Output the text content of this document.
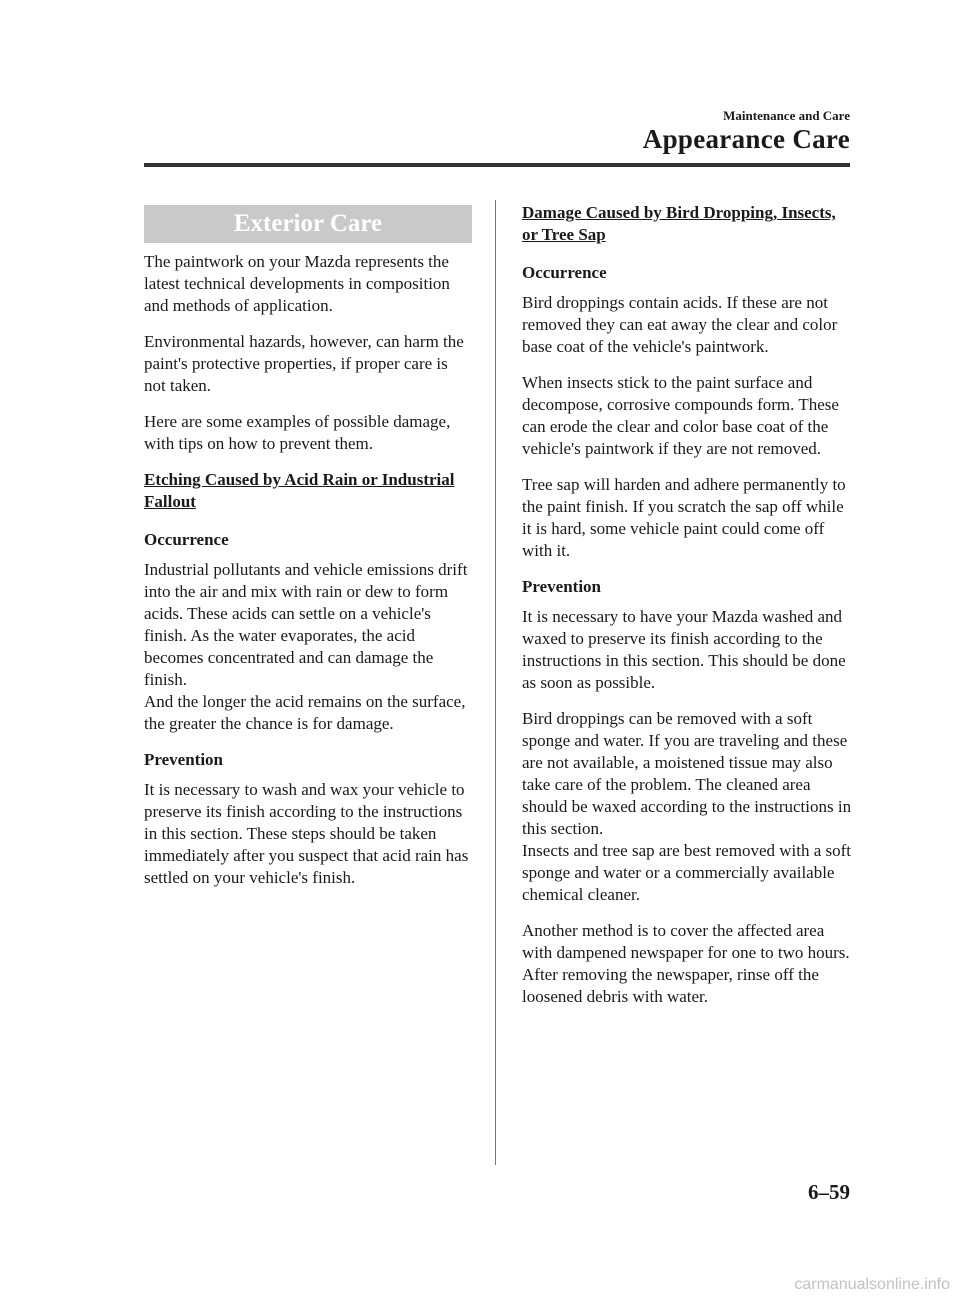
Maintenance and Care
Appearance Care
Exterior Care

The paintwork on your Mazda represents the latest technical developments in composition and methods of application.

Environmental hazards, however, can harm the paint's protective properties, if proper care is not taken.

Here are some examples of possible damage, with tips on how to prevent them.

Etching Caused by Acid Rain or Industrial Fallout
Occurrence

Industrial pollutants and vehicle emissions drift into the air and mix with rain or dew to form acids. These acids can settle on a vehicle's finish. As the water evaporates, the acid becomes concentrated and can damage the finish.

And the longer the acid remains on the surface, the greater the chance is for damage.

Prevention

It is necessary to wash and wax your vehicle to preserve its finish according to the instructions in this section. These steps should be taken immediately after you suspect that acid rain has settled on your vehicle's finish.

Damage Caused by Bird Dropping, Insects, or Tree Sap
Occurrence

Bird droppings contain acids. If these are not removed they can eat away the clear and color base coat of the vehicle's paintwork.

When insects stick to the paint surface and decompose, corrosive compounds form. These can erode the clear and color base coat of the vehicle's paintwork if they are not removed.

Tree sap will harden and adhere permanently to the paint finish. If you scratch the sap off while it is hard, some vehicle paint could come off with it.

Prevention

It is necessary to have your Mazda washed and waxed to preserve its finish according to the instructions in this section. This should be done as soon as possible.

Bird droppings can be removed with a soft sponge and water. If you are traveling and these are not available, a moistened tissue may also take care of the problem. The cleaned area should be waxed according to the instructions in this section.

Insects and tree sap are best removed with a soft sponge and water or a commercially available chemical cleaner.

Another method is to cover the affected area with dampened newspaper for one to two hours. After removing the newspaper, rinse off the loosened debris with water.

6–59
carmanualsonline.info
